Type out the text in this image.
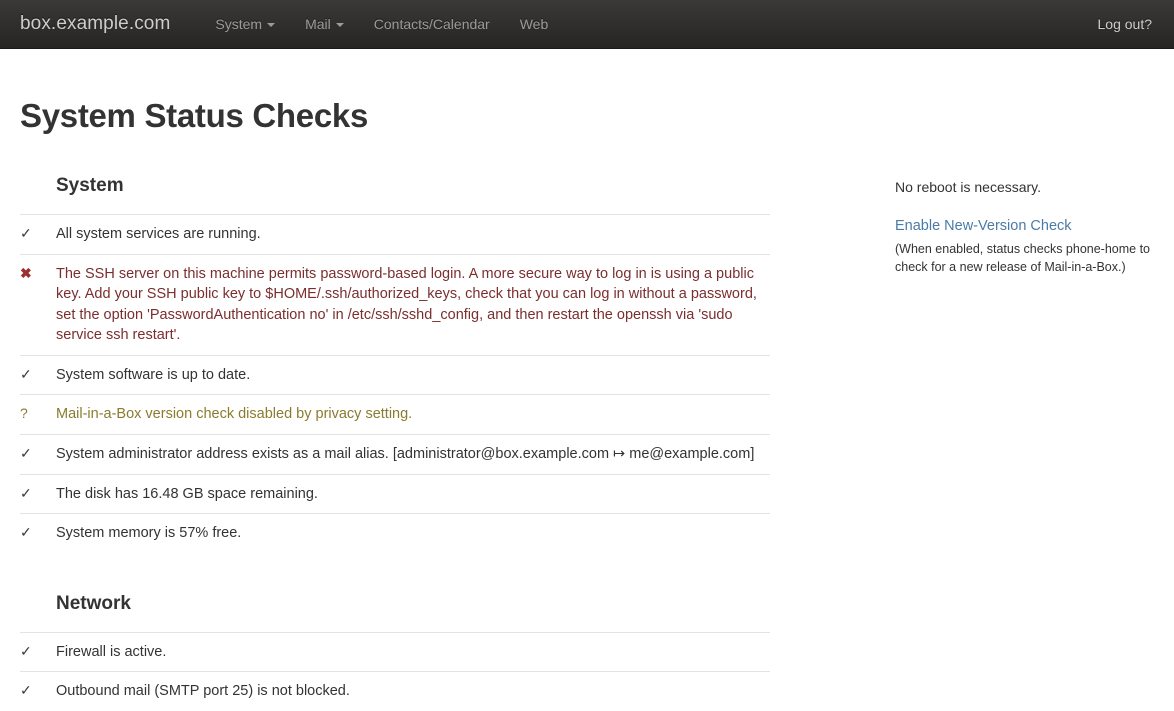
box.example.com	System	Mail	Contacts/Calendar	Web	Log out?
System Status Checks

	System

✓	All system services are running.
✖	The SSH server on this machine permits password-based login. A more secure way to log in is using a public key. Add your SSH public key to $HOME/.ssh/authorized_keys, check that you can log in without a password, set the option 'PasswordAuthentication no' in /etc/ssh/sshd_config, and then restart the openssh via 'sudo service ssh restart'.
✓	System software is up to date.
?	Mail-in-a-Box version check disabled by privacy setting.
✓	System administrator address exists as a mail alias. [administrator@box.example.com ↦ me@example.com]
✓	The disk has 16.48 GB space remaining.
✓	System memory is 57% free.

	Network

✓	Firewall is active.
✓	Outbound mail (SMTP port 25) is not blocked.
No reboot is necessary.
Enable New-Version Check
(When enabled, status checks phone-home to check for a new release of Mail-in-a-Box.)
